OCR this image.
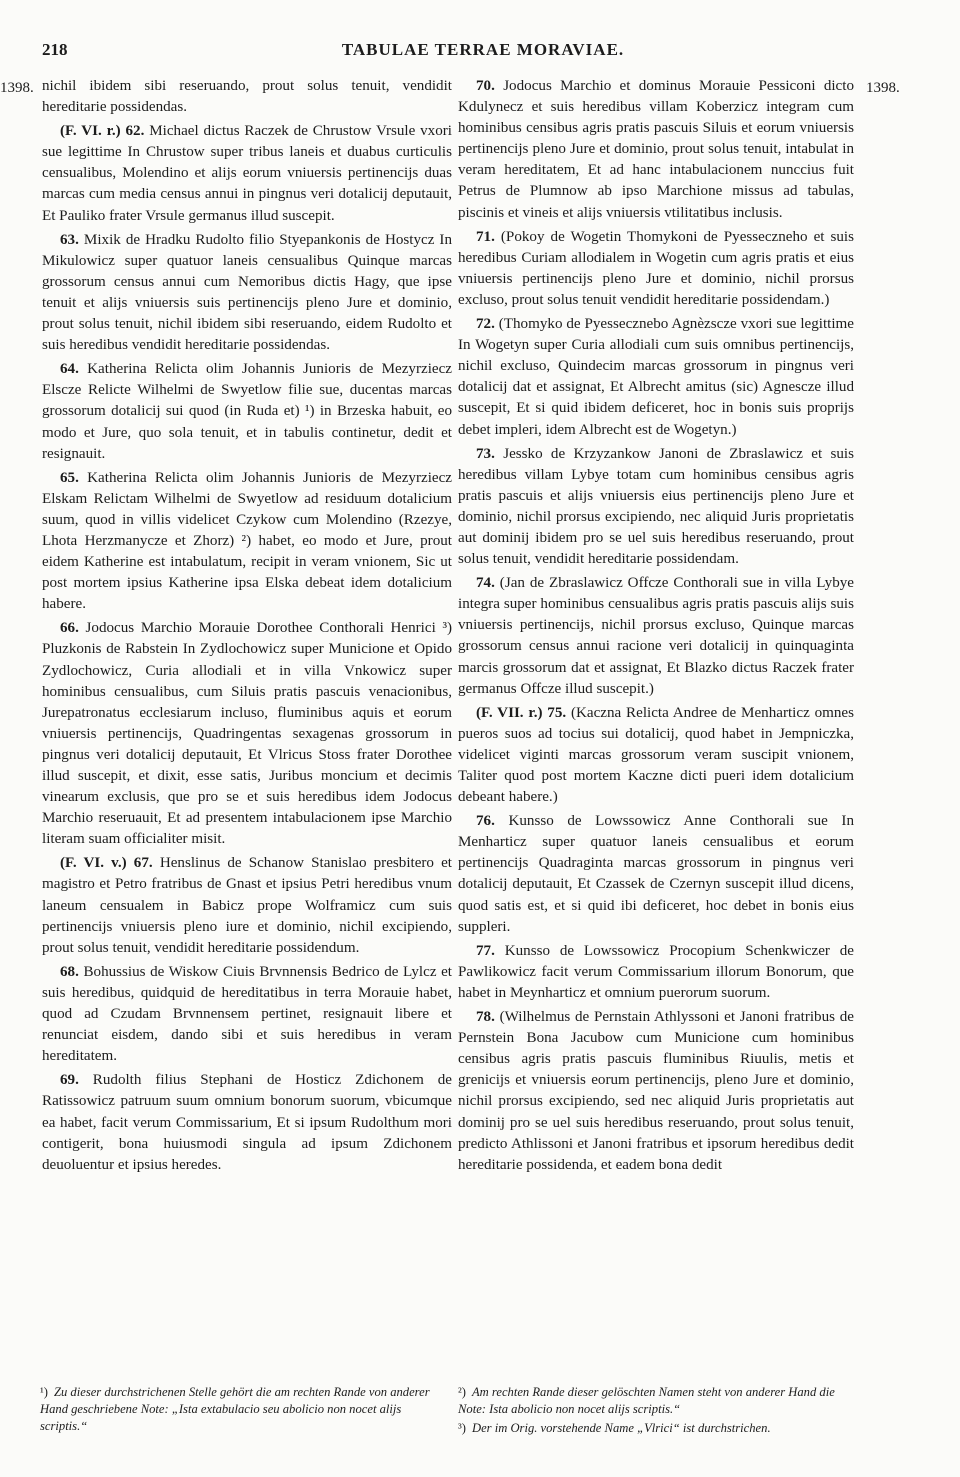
218	TABULAE TERRAE MORAVIAE.
1398.	1398.

nichil ibidem sibi reseruando, prout solus tenuit, vendidit hereditarie possidendas.

(F. VI. r.) 62. Michael dictus Raczek de Chrustow Vrsule vxori sue legittime In Chrustow super tribus laneis et duabus curticulis censualibus, Molendino et alijs eorum vniuersis pertinencijs duas marcas cum media census annui in pingnus veri dotalicij deputauit, Et Pauliko frater Vrsule germanus illud suscepit.

63. Mixik de Hradku Rudolto filio Styepankonis de Hostycz In Mikulowicz super quatuor laneis censualibus Quinque marcas grossorum census annui cum Nemoribus dictis Hagy, que ipse tenuit et alijs vniuersis suis pertinencijs pleno Jure et dominio, prout solus tenuit, nichil ibidem sibi reseruando, eidem Rudolto et suis heredibus vendidit hereditarie possidendas.

64. Katherina Relicta olim Johannis Junioris de Mezyrziecz Elscze Relicte Wilhelmi de Swyetlow filie sue, ducentas marcas grossorum dotalicij sui quod (in Ruda et) ¹) in Brzeska habuit, eo modo et Jure, quo sola tenuit, et in tabulis continetur, dedit et resignauit.

65. Katherina Relicta olim Johannis Junioris de Mezyrziecz Elskam Relictam Wilhelmi de Swyetlow ad residuum dotalicium suum, quod in villis videlicet Czykow cum Molendino (Rzezye, Lhota Herzmanycze et Zhorz) ²) habet, eo modo et Jure, prout eidem Katherine est intabulatum, recipit in veram vnionem, Sic ut post mortem ipsius Katherine ipsa Elska debeat idem dotalicium habere.

66. Jodocus Marchio Morauie Dorothee Conthorali Henrici ³) Pluzkonis de Rabstein In Zydlochowicz super Municione et Opido Zydlochowicz, Curia allodiali et in villa Vnkowicz super hominibus censualibus, cum Siluis pratis pascuis venacionibus, Jurepatronatus ecclesiarum incluso, fluminibus aquis et eorum vniuersis pertinencijs, Quadringentas sexagenas grossorum in pingnus veri dotalicij deputauit, Et Vlricus Stoss frater Dorothee illud suscepit, et dixit, esse satis, Juribus moncium et decimis vinearum exclusis, que pro se et suis heredibus idem Jodocus Marchio reseruauit, Et ad presentem intabulacionem ipse Marchio literam suam officialiter misit.

(F. VI. v.) 67. Henslinus de Schanow Stanislao presbitero et magistro et Petro fratribus de Gnast et ipsius Petri heredibus vnum laneum censualem in Babicz prope Wolframicz cum suis pertinencijs vniuersis pleno iure et dominio, nichil excipiendo, prout solus tenuit, vendidit hereditarie possidendum.

68. Bohussius de Wiskow Ciuis Brvnnensis Bedrico de Lylcz et suis heredibus, quidquid de hereditatibus in terra Morauie habet, quod ad Czudam Brvnnensem pertinet, resignauit libere et renunciat eisdem, dando sibi et suis heredibus in veram hereditatem.

69. Rudolth filius Stephani de Hosticz Zdichonem de Ratissowicz patruum suum omnium bonorum suorum, vbicumque ea habet, facit verum Commissarium, Et si ipsum Rudolthum mori contigerit, bona huiusmodi singula ad ipsum Zdichonem deuoluentur et ipsius heredes.

70. Jodocus Marchio et dominus Morauie Pessiconi dicto Kdulynecz et suis heredibus villam Koberzicz integram cum hominibus censibus agris pratis pascuis Siluis et eorum vniuersis pertinencijs pleno Jure et dominio, prout solus tenuit, intabulat in veram hereditatem, Et ad hanc intabulacionem nunccius fuit Petrus de Plumnow ab ipso Marchione missus ad tabulas, piscinis et vineis et alijs vniuersis vtilitatibus inclusis.

71. (Pokoy de Wogetin Thomykoni de Pyesseczneho et suis heredibus Curiam allodialem in Wogetin cum agris pratis et eius vniuersis pertinencijs pleno Jure et dominio, nichil prorsus excluso, prout solus tenuit vendidit hereditarie possidendam.)

72. (Thomyko de Pyessecznebo Agnèzscze vxori sue legittime In Wogetyn super Curia allodiali cum suis omnibus pertinencijs, nichil excluso, Quindecim marcas grossorum in pingnus veri dotalicij dat et assignat, Et Albrecht amitus (sic) Agnescze illud suscepit, Et si quid ibidem deficeret, hoc in bonis suis proprijs debet impleri, idem Albrecht est de Wogetyn.)

73. Jessko de Krzyzankow Janoni de Zbraslawicz et suis heredibus villam Lybye totam cum hominibus censibus agris pratis pascuis et alijs vniuersis eius pertinencijs pleno Jure et dominio, nichil prorsus excipiendo, nec aliquid Juris proprietatis aut dominij ibidem pro se uel suis heredibus reseruando, prout solus tenuit, vendidit hereditarie possidendam.

74. (Jan de Zbraslawicz Offcze Conthorali sue in villa Lybye integra super hominibus censualibus agris pratis pascuis alijs suis vniuersis pertinencijs, nichil prorsus excluso, Quinque marcas grossorum census annui racione veri dotalicij in quinquaginta marcis grossorum dat et assignat, Et Blazko dictus Raczek frater germanus Offcze illud suscepit.)

(F. VII. r.) 75. (Kaczna Relicta Andree de Menharticz omnes pueros suos ad tocius sui dotalicij, quod habet in Jempniczka, videlicet viginti marcas grossorum veram suscipit vnionem, Taliter quod post mortem Kaczne dicti pueri idem dotalicium debeant habere.)

76. Kunsso de Lowssowicz Anne Conthorali sue In Menharticz super quatuor laneis censualibus et eorum pertinencijs Quadraginta marcas grossorum in pingnus veri dotalicij deputauit, Et Czassek de Czernyn suscepit illud dicens, quod satis est, et si quid ibi deficeret, hoc debet in bonis eius suppleri.

77. Kunsso de Lowssowicz Procopium Schenkwiczer de Pawlikowicz facit verum Commissarium illorum Bonorum, que habet in Meynharticz et omnium puerorum suorum.

78. (Wilhelmus de Pernstain Athlyssoni et Janoni fratribus de Pernstein Bona Jacubow cum Municione cum hominibus censibus agris pratis pascuis fluminibus Riuulis, metis et grenicijs et vniuersis eorum pertinencijs, pleno Jure et dominio, nichil prorsus excipiendo, sed nec aliquid Juris proprietatis aut dominij pro se uel suis heredibus reseruando, prout solus tenuit, predicto Athlissoni et Janoni fratribus et ipsorum heredibus dedit hereditarie possidenda, et eadem bona dedit

¹) Zu dieser durchstrichenen Stelle gehört die am rechten Rande von anderer Hand geschriebene Note: „Ista extabulacio seu abolicio non nocet alijs scriptis.“

²) Am rechten Rande dieser gelöschten Namen steht von anderer Hand die Note: Ista abolicio non nocet alijs scriptis.“

³) Der im Orig. vorstehende Name „Vlrici“ ist durchstrichen.
